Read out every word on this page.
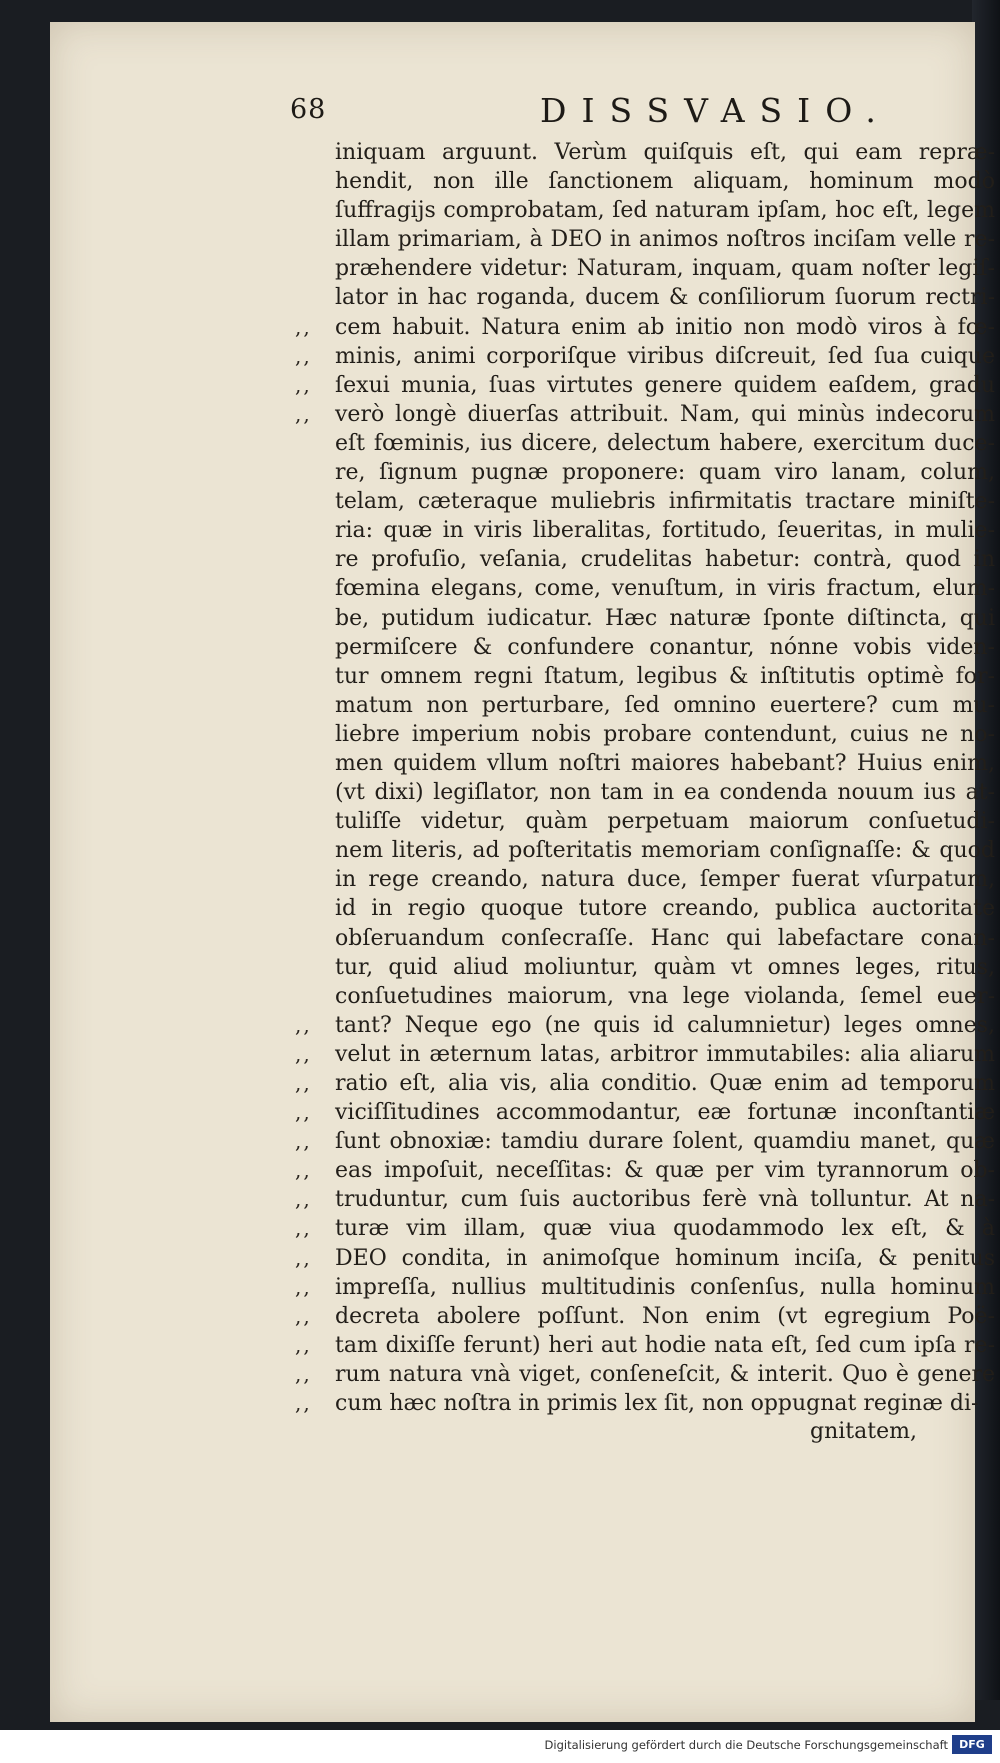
68	DISSVASIO.
iniquam arguunt. Verùm quiſquis eſt, qui eam repræ-
hendit, non ille ſanctionem aliquam, hominum modò
ſuffragijs comprobatam, ſed naturam ipſam, hoc eſt, legem
illam primariam, à DEO in animos noſtros inciſam velle re-
præhendere videtur: Naturam, inquam, quam noſter legiſ-
lator in hac roganda, ducem & conſiliorum ſuorum rectri-
,, cem habuit. Natura enim ab initio non modò viros à fœ-
,, minis, animi corporiſque viribus diſcreuit, ſed ſua cuique
,, ſexui munia, ſuas virtutes genere quidem eaſdem, gradu
,, verò longè diuerſas attribuit. Nam, qui minùs indecorum
eſt fœminis, ius dicere, delectum habere, exercitum duce-
re, ſignum pugnæ proponere: quam viro lanam, colum,
telam, cæteraque muliebris infirmitatis tractare miniſte-
ria: quæ in viris liberalitas, fortitudo, ſeueritas, in mulie-
re profuſio, veſania, crudelitas habetur: contrà, quod in
fœmina elegans, come, venuſtum, in viris fractum, elum-
be, putidum iudicatur. Hæc naturæ ſponte diſtincta, qui
permiſcere & confundere conantur, nónne vobis viden-
tur omnem regni ſtatum, legibus & inſtitutis optimè for-
matum non perturbare, ſed omnino euertere? cum mu-
liebre imperium nobis probare contendunt, cuius ne no-
men quidem vllum noſtri maiores habebant? Huius enim,
(vt dixi) legiſlator, non tam in ea condenda nouum ius at-
tuliſſe videtur, quàm perpetuam maiorum conſuetudi-
nem literis, ad poſteritatis memoriam conſignaſſe: & quod
in rege creando, natura duce, ſemper fuerat vſurpatum,
id in regio quoque tutore creando, publica auctoritate
obſeruandum conſecraſſe. Hanc qui labefactare conan-
tur, quid aliud moliuntur, quàm vt omnes leges, ritus,
conſuetudines maiorum, vna lege violanda, ſemel euer-
,, tant? Neque ego (ne quis id calumnietur) leges omnes,
,, velut in æternum latas, arbitror immutabiles: alia aliarum
,, ratio eſt, alia vis, alia conditio. Quæ enim ad temporum
,, viciſſitudines accommodantur, eæ fortunæ inconſtantiæ
,, ſunt obnoxiæ: tamdiu durare ſolent, quamdiu manet, quæ
,, eas impoſuit, neceſſitas: & quæ per vim tyrannorum ob-
,, truduntur, cum ſuis auctoribus ferè vnà tolluntur. At na-
,, turæ vim illam, quæ viua quodammodo lex eſt, & à
,, DEO condita, in animoſque hominum inciſa, & penitus
,, impreſſa, nullius multitudinis conſenſus, nulla hominum
,, decreta abolere poſſunt. Non enim (vt egregium Poë-
,, tam dixiſſe ferunt) heri aut hodie nata eſt, ſed cum ipſa re-
,, rum natura vnà viget, conſeneſcit, & interit. Quo è genere
,, cum hæc noſtra in primis lex ſit, non oppugnat reginæ di-
gnitatem,
Digitalisierung gefördert durch die Deutsche Forschungsgemeinschaft	DFG
